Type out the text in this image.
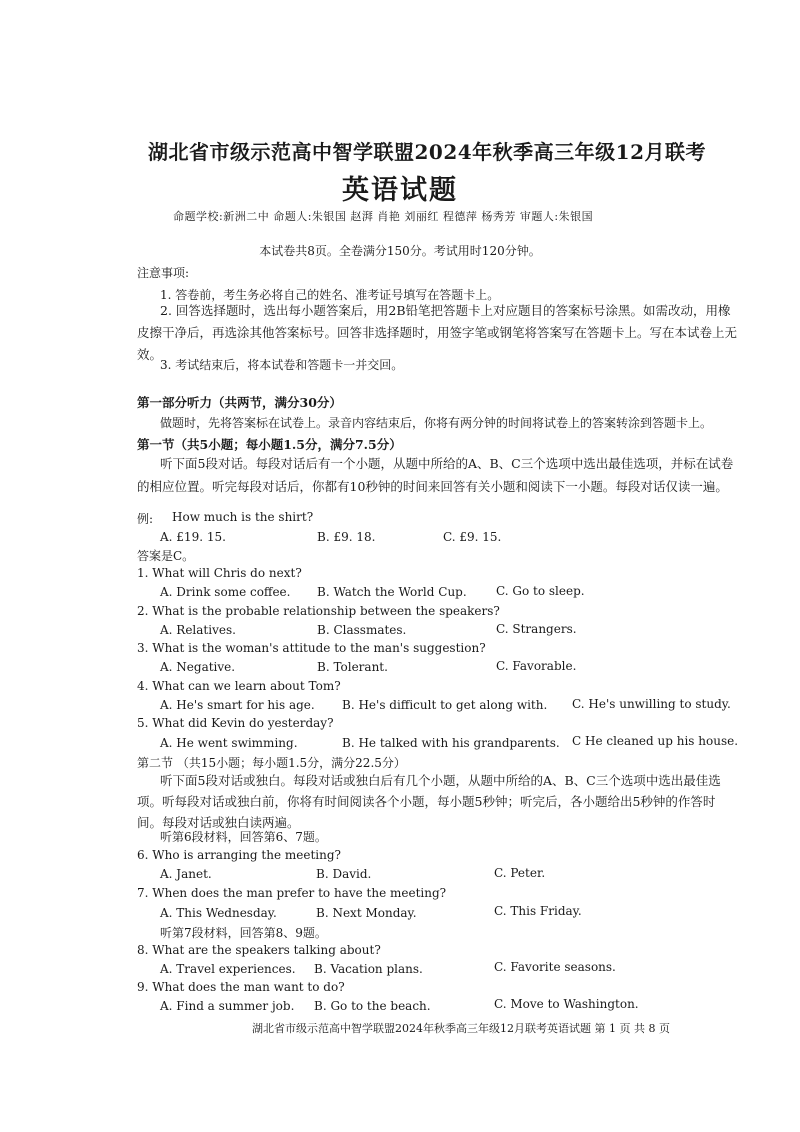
湖北省市级示范高中智学联盟2024年秋季高三年级12月联考
英语试题
命题学校:新洲二中 命题人:朱银国 赵湃 肖艳 刘丽红 程德萍 杨秀芳 审题人:朱银国
本试卷共8页。全卷满分150分。考试用时120分钟。
注意事项:
1. 答卷前，考生务必将自己的姓名、准考证号填写在答题卡上。
2. 回答选择题时，选出每小题答案后，用2B铅笔把答题卡上对应题目的答案标号涂黑。如需改动，用橡皮擦干净后，再选涂其他答案标号。回答非选择题时，用签字笔或钢笔将答案写在答题卡上。写在本试卷上无效。
3. 考试结束后，将本试卷和答题卡一并交回。
第一部分听力（共两节，满分30分）
做题时，先将答案标在试卷上。录音内容结束后，你将有两分钟的时间将试卷上的答案转涂到答题卡上。
第一节（共5小题；每小题1.5分，满分7.5分）
听下面5段对话。每段对话后有一个小题，从题中所给的A、B、C三个选项中选出最佳选项，并标在试卷的相应位置。听完每段对话后，你都有10秒钟的时间来回答有关小题和阅读下一小题。每段对话仅读一遍。
例: How much is the shirt?
A. £19. 15.	B. £9. 18.	C. £9. 15.
答案是C。
1. What will Chris do next?
A. Drink some coffee. B. Watch the World Cup. C. Go to sleep.
2. What is the probable relationship between the speakers?
A. Relatives.	B. Classmates.	C. Strangers.
3. What is the woman's attitude to the man's suggestion?
A. Negative.	B. Tolerant.	C. Favorable.
4. What can we learn about Tom?
A. He's smart for his age. B. He's difficult to get along with. C. He's unwilling to study.
5. What did Kevin do yesterday?
A. He went swimming.	B. He talked with his grandparents. C He cleaned up his house.
第二节 （共15小题；每小题1.5分，满分22.5分）
听下面5段对话或独白。每段对话或独白后有几个小题，从题中所给的A、B、C三个选项中选出最佳选项。听每段对话或独白前，你将有时间阅读各个小题，每小题5秒钟；听完后，各小题给出5秒钟的作答时间。每段对话或独白读两遍。
听第6段材料，回答第6、7题。
6. Who is arranging the meeting?
A. Janet.	B. David.	C. Peter.
7. When does the man prefer to have the meeting?
A. This Wednesday.	B. Next Monday.	C. This Friday.
听第7段材料，回答第8、9题。
8. What are the speakers talking about?
A. Travel experiences. B. Vacation plans.	C. Favorite seasons.
9. What does the man want to do?
A. Find a summer job. B. Go to the beach.	C. Move to Washington.
湖北省市级示范高中智学联盟2024年秋季高三年级12月联考英语试题 第 1 页 共 8 页
